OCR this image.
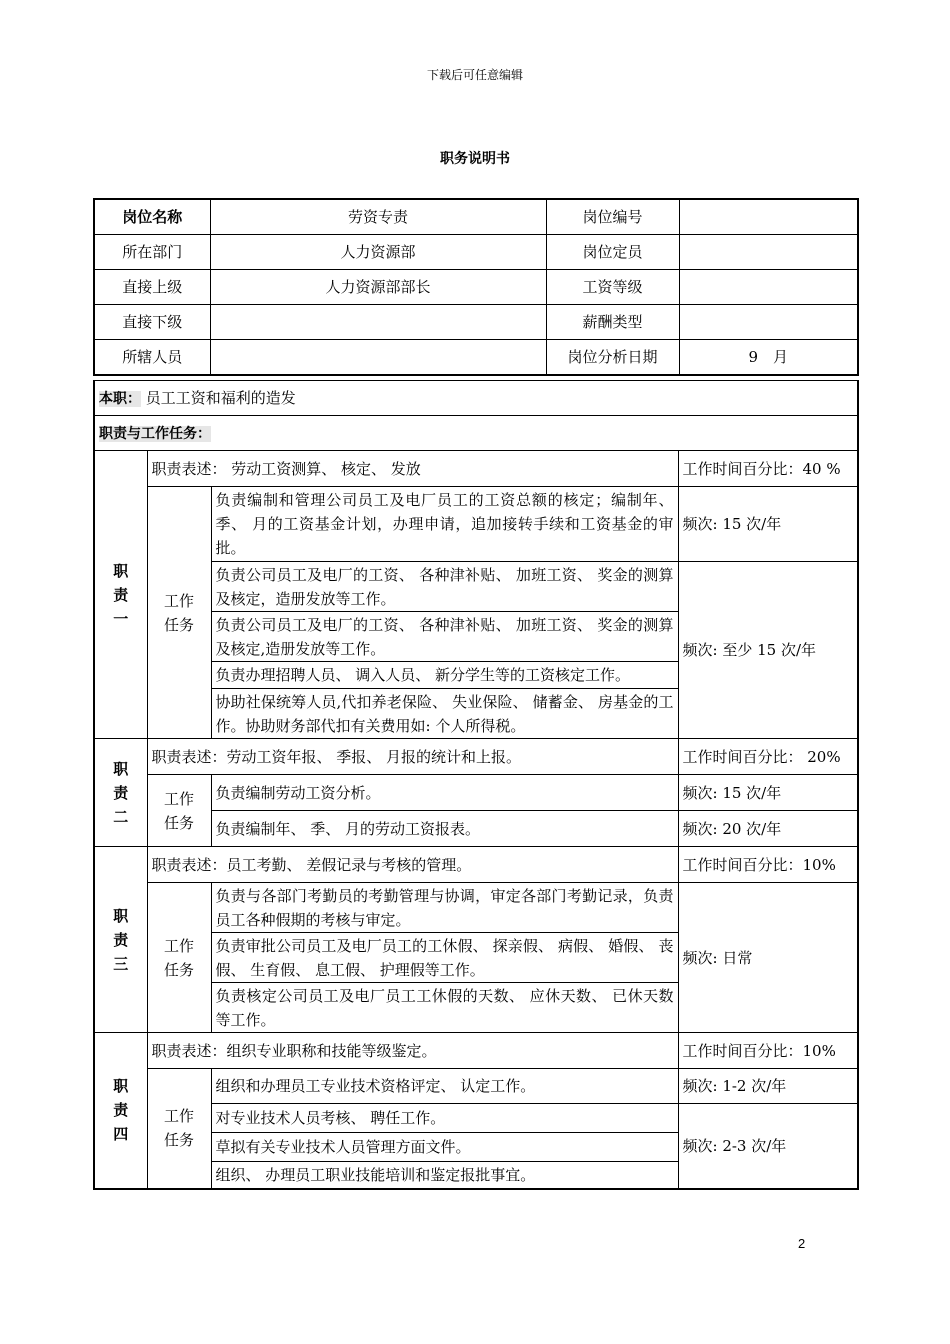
下载后可任意编辑
职务说明书
岗位名称	劳资专责	岗位编号	
所在部门	人力资源部	岗位定员	
直接上级	人力资源部部长	工资等级	
直接下级		薪酬类型	
所辖人员		岗位分析日期	9　月
本职： 员工工资和福利的造发			
职责与工作任务：			
职
责
一	职责表述： 劳动工资测算、 核定、 发放		工作时间百分比：40 %
	工作
任务	负责编制和管理公司员工及电厂员工的工资总额的核定；编制年、 季、 月的工资基金计划，办理申请，追加接转手续和工资基金的审批。	频次: 15 次/年
		负责公司员工及电厂的工资、 各种津补贴、 加班工资、 奖金的测算及核定，造册发放等工作。	频次: 至少 15 次/年
		负责公司员工及电厂的工资、 各种津补贴、 加班工资、 奖金的测算及核定,造册发放等工作。	
		负责办理招聘人员、 调入人员、 新分学生等的工资核定工作。	
		协助社保统筹人员,代扣养老保险、 失业保险、 储蓄金、 房基金的工作。协助财务部代扣有关费用如: 个人所得税。	
职
责
二	职责表述：劳动工资年报、 季报、 月报的统计和上报。		工作时间百分比： 20%
	工作
任务	负责编制劳动工资分析。	频次: 15 次/年
		负责编制年、 季、 月的劳动工资报表。	频次: 20 次/年
职
责
三	职责表述：员工考勤、 差假记录与考核的管理。		工作时间百分比：10%
	工作
任务	负责与各部门考勤员的考勤管理与协调，审定各部门考勤记录，负责员工各种假期的考核与审定。	频次: 日常
		负责审批公司员工及电厂员工的工休假、 探亲假、 病假、 婚假、 丧假、 生育假、 息工假、 护理假等工作。	
		负责核定公司员工及电厂员工工休假的天数、 应休天数、 已休天数等工作。	
职
责
四	职责表述：组织专业职称和技能等级鉴定。		工作时间百分比：10%
	工作
任务	组织和办理员工专业技术资格评定、 认定工作。	频次: 1-2 次/年
		对专业技术人员考核、 聘任工作。	频次: 2-3 次/年
		草拟有关专业技术人员管理方面文件。	
		组织、 办理员工职业技能培训和鉴定报批事宜。	
2
